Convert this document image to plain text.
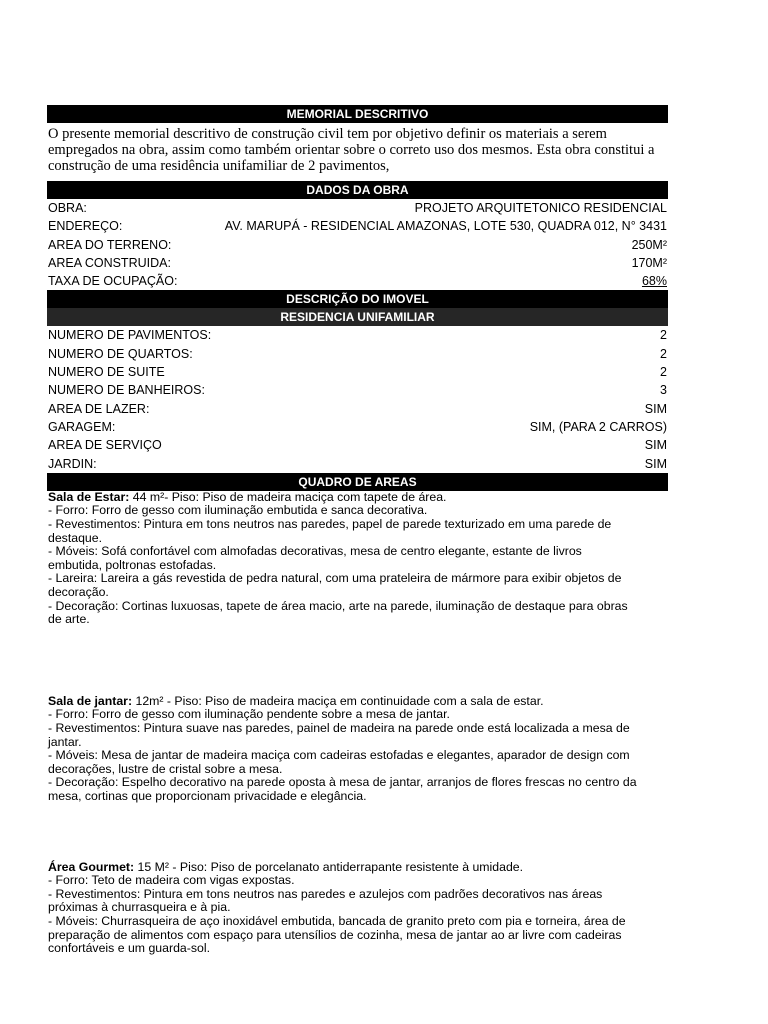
MEMORIAL DESCRITIVO
O presente memorial descritivo de construção civil tem por objetivo definir os materiais a serem empregados na obra, assim como também orientar sobre o correto uso dos mesmos. Esta obra constitui a construção de uma residência unifamiliar de 2 pavimentos,
DADOS DA OBRA
OBRA:	PROJETO ARQUITETONICO RESIDENCIAL
ENDEREÇO:	AV. MARUPÁ - RESIDENCIAL AMAZONAS, LOTE 530, QUADRA 012, N° 3431
AREA DO TERRENO:	250M²
AREA CONSTRUIDA:	170M²
TAXA DE OCUPAÇÃO:	68%
DESCRIÇÃO DO IMOVEL
RESIDENCIA UNIFAMILIAR
NUMERO DE PAVIMENTOS:	2
NUMERO DE QUARTOS:	2
NUMERO DE SUITE	2
NUMERO DE BANHEIROS:	3
AREA DE LAZER:	SIM
GARAGEM:	SIM, (PARA 2 CARROS)
AREA DE SERVIÇO	SIM
JARDIN:	SIM
QUADRO DE AREAS
Sala de Estar: 44 m²- Piso: Piso de madeira maciça com tapete de área.
- Forro: Forro de gesso com iluminação embutida e sanca decorativa.
- Revestimentos: Pintura em tons neutros nas paredes, papel de parede texturizado em uma parede de
destaque.
- Móveis: Sofá confortável com almofadas decorativas, mesa de centro elegante, estante de livros
embutida, poltronas estofadas.
- Lareira: Lareira a gás revestida de pedra natural, com uma prateleira de mármore para exibir objetos de
decoração.
- Decoração: Cortinas luxuosas, tapete de área macio, arte na parede, iluminação de destaque para obras
de arte.
Sala de jantar: 12m² - Piso: Piso de madeira maciça em continuidade com a sala de estar.
- Forro: Forro de gesso com iluminação pendente sobre a mesa de jantar.
- Revestimentos: Pintura suave nas paredes, painel de madeira na parede onde está localizada a mesa de
jantar.
- Móveis: Mesa de jantar de madeira maciça com cadeiras estofadas e elegantes, aparador de design com
decorações, lustre de cristal sobre a mesa.
- Decoração: Espelho decorativo na parede oposta à mesa de jantar, arranjos de flores frescas no centro da
mesa, cortinas que proporcionam privacidade e elegância.
Área Gourmet: 15 M² - Piso: Piso de porcelanato antiderrapante resistente à umidade.
- Forro: Teto de madeira com vigas expostas.
- Revestimentos: Pintura em tons neutros nas paredes e azulejos com padrões decorativos nas áreas
próximas à churrasqueira e à pia.
- Móveis: Churrasqueira de aço inoxidável embutida, bancada de granito preto com pia e torneira, área de
preparação de alimentos com espaço para utensílios de cozinha, mesa de jantar ao ar livre com cadeiras
confortáveis e um guarda-sol.
